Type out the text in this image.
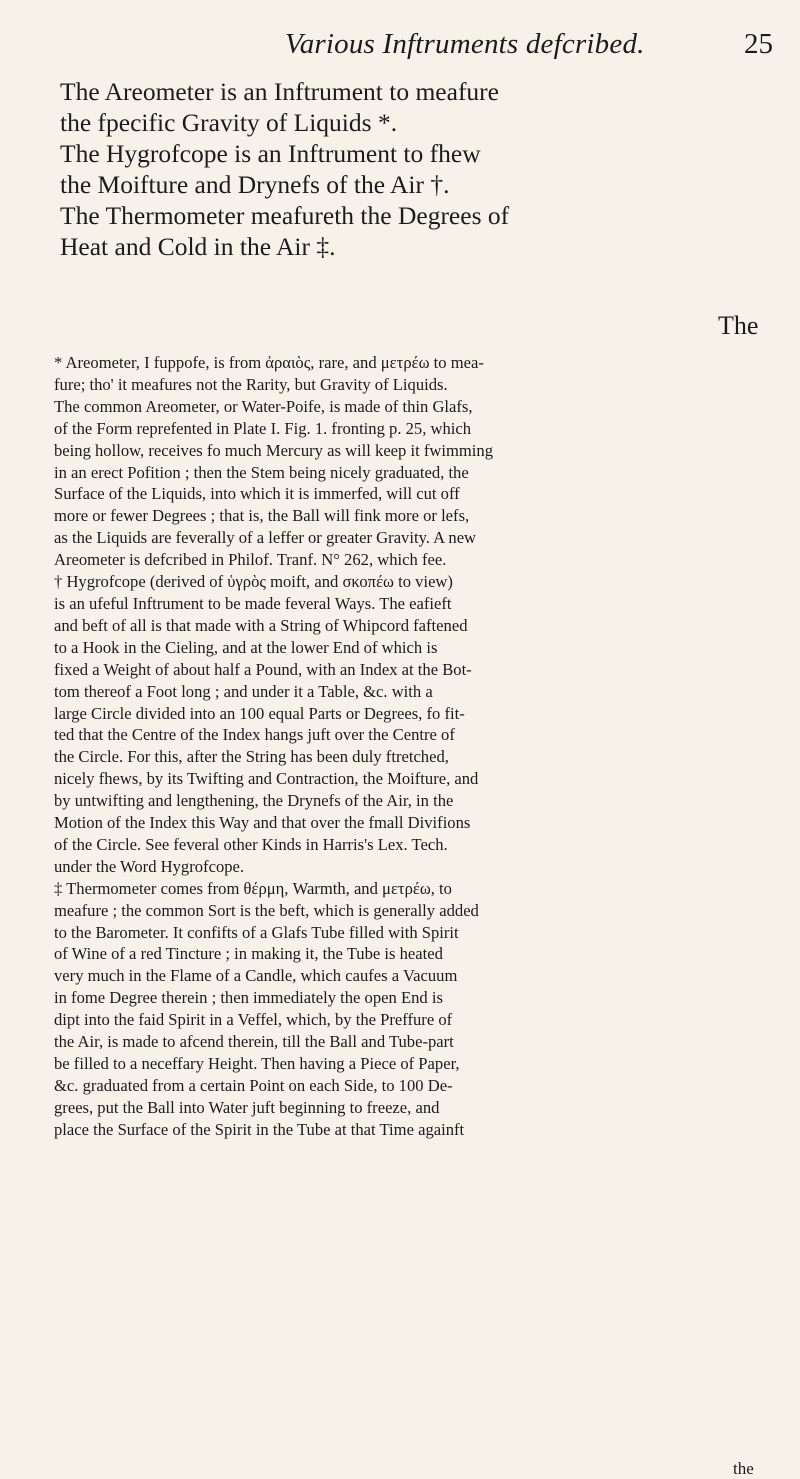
Various Inftruments defcribed.	25
The Areometer is an Inftrument to meafure
the fpecific Gravity of Liquids *.
The Hygrofcope is an Inftrument to fhew
the Moifture and Drynefs of the Air †.
The Thermometer meafureth the Degrees of
Heat and Cold in the Air ‡.
The
* Areometer, I fuppofe, is from ἀραιὸς, rare, and μετρέω to mea-
fure; tho' it meafures not the Rarity, but Gravity of Liquids.
The common Areometer, or Water-Poife, is made of thin Glafs,
of the Form reprefented in Plate I. Fig. 1. fronting p. 25, which
being hollow, receives fo much Mercury as will keep it fwimming
in an erect Pofition ; then the Stem being nicely graduated, the
Surface of the Liquids, into which it is immerfed, will cut off
more or fewer Degrees ; that is, the Ball will fink more or lefs,
as the Liquids are feverally of a leffer or greater Gravity. A new
Areometer is defcribed in Philof. Tranf. N° 262, which fee.
† Hygrofcope (derived of ὑγρὸς moift, and σκοπέω to view)
is an ufeful Inftrument to be made feveral Ways. The eafieft
and beft of all is that made with a String of Whipcord faftened
to a Hook in the Cieling, and at the lower End of which is
fixed a Weight of about half a Pound, with an Index at the Bot-
tom thereof a Foot long ; and under it a Table, &c. with a
large Circle divided into an 100 equal Parts or Degrees, fo fit-
ted that the Centre of the Index hangs juft over the Centre of
the Circle. For this, after the String has been duly ftretched,
nicely fhews, by its Twifting and Contraction, the Moifture, and
by untwifting and lengthening, the Drynefs of the Air, in the
Motion of the Index this Way and that over the fmall Divifions
of the Circle. See feveral other Kinds in Harris's Lex. Tech.
under the Word Hygrofcope.
‡ Thermometer comes from θέρμη, Warmth, and μετρέω, to
meafure ; the common Sort is the beft, which is generally added
to the Barometer. It confifts of a Glafs Tube filled with Spirit
of Wine of a red Tincture ; in making it, the Tube is heated
very much in the Flame of a Candle, which caufes a Vacuum
in fome Degree therein ; then immediately the open End is
dipt into the faid Spirit in a Veffel, which, by the Preffure of
the Air, is made to afcend therein, till the Ball and Tube-part
be filled to a neceffary Height. Then having a Piece of Paper,
&c. graduated from a certain Point on each Side, to 100 De-
grees, put the Ball into Water juft beginning to freeze, and
place the Surface of the Spirit in the Tube at that Time againft
the
